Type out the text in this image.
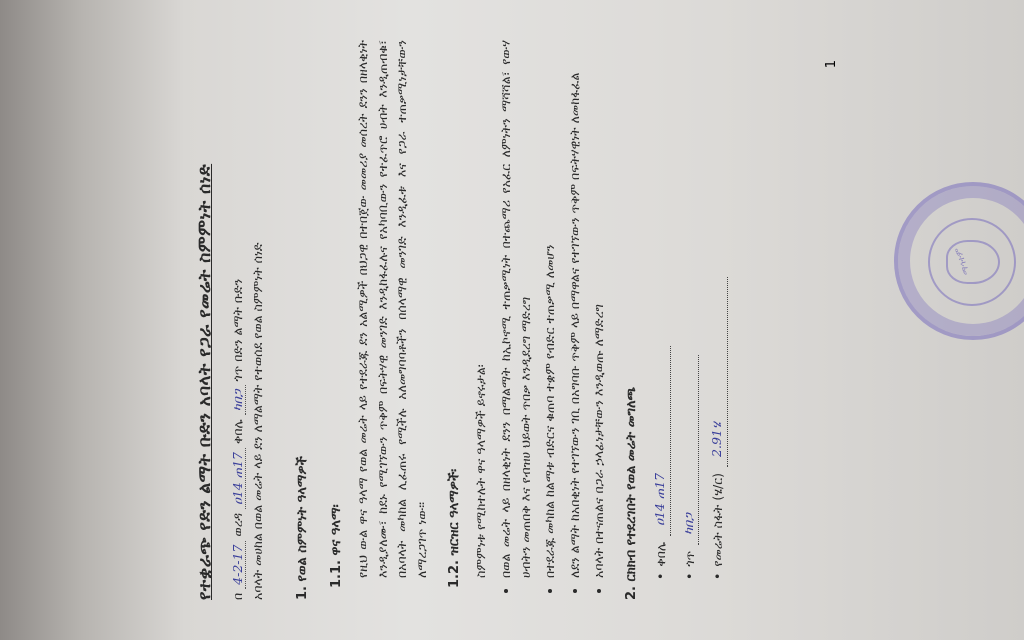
የተቋራጭ የድን ልማት ቡድን አባላት የጋራ የመሬት ስምምነት ሰነድ በ 4-2-17 ወረዳ ዐ14 ጠ17 ቀበሌ ካበጋ ጎጥ በድን ልማት ቡድን አባላት መሀከል በወል መሬት ላይ ደን ለማልማት የተወሰደ የወል ስምምነት ሰነድ 1. የወል ስምምነት ዓላማዎች 1.1. ዋና ዓላማ፡ የዚህ ውል ዋና ዓላማ የወል መሬት ላይ የተደራጁ ደን አልሚዎች በህጋዊ በተበጀው መመሪያ መሰረት ደንን በዘላቂነት እንዲያለሙ፣ ከደኑ የሚገኘውን ጥቅም በፍትሃዊ መንገድ እንዲከፋፈሉና የአካባቢውን የተፈጥሮ ሀብት እንዲጠብቁ፣ በአባላት መካከል ሊፈጠሩ የሚችሉ አለመግባባቶችን በሰላማዊ መንገድ እንዲፈቱ እና የጋራ ተጠቃሚነታቸውን ለማረጋገጥ ነው፡፡ 1.2. ዝርዝር ዓላማዎች፡ ስምምነቱ የሚከተሉት ዋና ዓላማዎች ይኖሩታል፡ • በወል መሬት ላይ በዘላቂነት ደንን በማልማት ከኢኮኖሚ ተጠቃሚነት በተጨማሪ የአፈር ለምነትን ማሻሻል፣ የውሃ ሀብትን መጠበቅ እና የብዝሀ ህይወት ጥበቃ እንዲደረግ ማድረግ • በተደራጁ መካከል ከልማቱ ብድርና ቁጠባ ተቋም የብድር ተጠቃሚ ለመሆን • ለደን ልማት ከአበቂነት የተገኘውን ገቢ በአግባቡ ጥቅም ላይ በማዋልና የተገኘውን ጥቅም በፍትሃዊነት ለመከፋፈል • አባላት በተናጠልና በጋራ ኃላፊነታቸውን እንዲወጡ ለማድረግ 2. ርክክብ የተደረገበት የወል መሬት መግለጫ •
ቀበሌ
ዐ14 ጠ17
•
ጎጥ
ካበጋ
•
የመሬት ስፋት (ሄ/ር)
2.91ሄ
1
ማኅተም
